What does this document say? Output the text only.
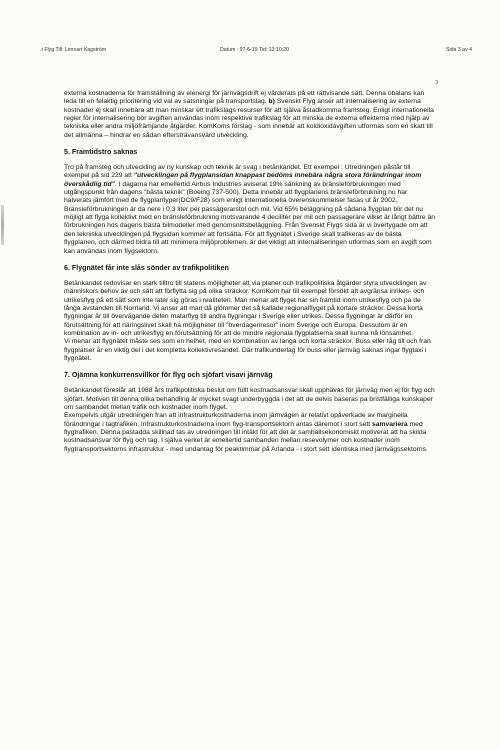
.t Flyg Till: Lennart Kagström	Datum : 97-6-19 Tid: 13:10:20	Sida 3 av 4
3

externa kostnaderna för framställning av elenergi för järnvägsdrift ej värderats på ett rättvisande sätt. Denna obalans kan leda till en felaktig prioritering vid val av satsningar på transportslag. b) Svenskt Flyg anser att internalisering av externa kostnader ej skall innebära att man minskar ett trafikslags resurser för att själva åstadkomma framsteg. Enligt internationella regler för internalisering bör avgiften användas inom respektive trafikslag för att minska de externa effekterna med hjälp av tekniska eller andra miljöfrämjande åtgärder. KomKoms förslag - som innebär att koldioxidavgiften utformas som en skatt till det allmänna – hindrar en sådan eftersträvansvärd utveckling.

5. Framtidstro saknas

Tro på framsteg och utveckling av ny kunskap och teknik är svag i betänkandet. Ett exempel : Utredningen påstår till exempel på sid 229 att "utvecklingen på flygplansidan knappast bedöms innebära några stora förändringar inom överskådlig tid". I dagarna har emellertid Airbus Industries aviserat 19% sänkning av bränsleförbrukningen med utgångspunkt från dagens "bästa teknik" (Boeing 737-500). Detta innebär att flygplanens bränsleförbrukning nu har halverats jämfört med de flygplantyper(DC9/F28) som enligt internationella överenskommelser fasas ut år 2002. Bränsleförbrukningen är da nere i 0,3 liter per passagerarstol och mil. Vid 65% beläggning på sådana flygplan blir det nu möjligt att flyga kollektivt med en bränsleförbrukning motsvarande 4 deciliter per mil och passagerare vilket är långt bättre än förbrukningen hos dagens bästa bilmodeller med genomsnittsbeläggning. Från Svenskt Flygs sida är vi övertygade om att den tekniska utvecklingen på flygsidan kommer att fortsätta. För att flygnätet i Sverige skall trafikeras av de bästa flygplanen, och därmed bidra till att minimera miljöproblemen, är det viktigt att internaliseringen utformas som en avgift som kan användas inom flygsektorn.

6. Flygnätet får inte slås sönder av trafikpolitiken

Betänkandet redovisar en stark tilltro till statens möjligheter att via planer och trafikpolitiska åtgärder styra utvecklingen av människors behov av och sätt att förflytta sig på olika sträckor. KomKom har till exempel försökt att avgränsa inrikes- och utrikesflyg på ett sätt som inte later sig göras i realiteten. Man menar att flyget har sin framtid inom utrikesflyg och pa de långa avstanden till Norrland. Vi anser att man då glömmer det så kallade regionalflyget på kortare sträckor. Dessa korta flygningar är till övervägande delen matarflyg till andra flygningar i Sverige eller utrikes. Dessa flygningar är därför en förutsättning för att näringslivet skall ha möjligheter till "överdagenresor" inom Sverige och Europa. Dessutom är en kombination av in- och utrikesflyg en förutsättning för att de mindre regionala flygplatserna skall kunna nå lönsamhet.

Vi menar att flygnätet måste ses som en helhet, med en kombination av langa och korta sträckor. Buss eller tåg till och fran flygplatser är en viktig del i det kompletta kollektivresandet. Där trafikunderlag för buss eller järnväg saknas ingar flygtaxi i flygnätet.

7. Ojämna konkurrensvillkor för flyg och sjöfart visavi järnväg

Betänkandet föreslår att 1988 års trafikpolitiska beslut om fullt kostnadsansvar skall upphävas för järnväg men ej för flyg och sjöfart. Motiven till denna olika behandling är mycket svagt underbyggda i det att de delvis baseras pa bristfälliga kunskaper om sambandet mellan trafik och kostnader inom flyget.

Exempelvis utgår utredningen fran att infrastrukturkostnaderna inom järnvägen är relativt opåverkade av marginella förändringar i tagtrafiken. Infrastrukturkostnaderna inom flyg-transportsektorn antas däremot i stort sett samvariera med flygtrafiken. Denna pastadda skillnad tas av utredningen till intäkt för att det är samhällsekonomiskt motiverat att ha skilda kostnadsansvar för flyg och tag. I själva verket är emellertid sambanden mellan resevolymer och kostnader inom flygtransportsektorns infrastruktur - med undantag för peaktimmar på Arlanda - i stort sett identiska med järnvägssektorns.
